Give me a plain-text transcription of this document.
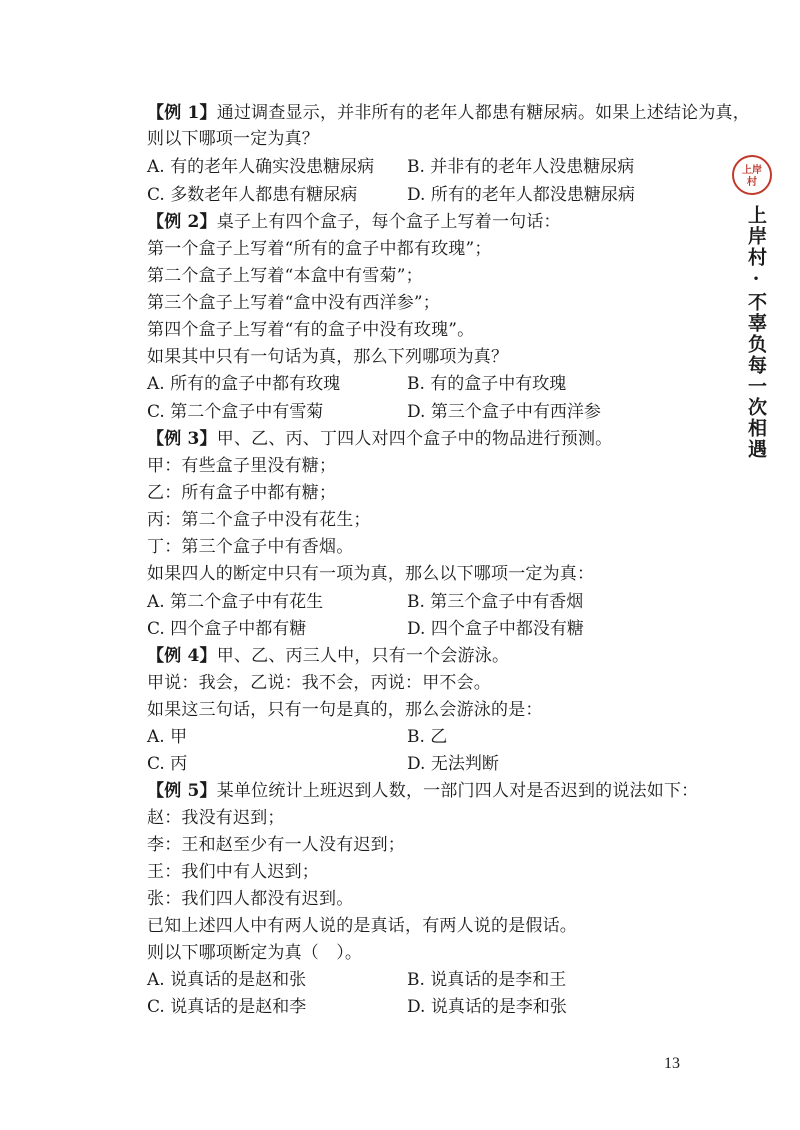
上岸
村
上岸村·不辜负每一次相遇
【例 1】通过调查显示，并非所有的老年人都患有糖尿病。如果上述结论为真，
则以下哪项一定为真？
A. 有的老年人确实没患糖尿病 B. 并非有的老年人没患糖尿病
C. 多数老年人都患有糖尿病	D. 所有的老年人都没患糖尿病
【例 2】桌子上有四个盒子，每个盒子上写着一句话：
第一个盒子上写着“所有的盒子中都有玫瑰”；
第二个盒子上写着“本盒中有雪菊”；
第三个盒子上写着“盒中没有西洋参”；
第四个盒子上写着“有的盒子中没有玫瑰”。
如果其中只有一句话为真，那么下列哪项为真？
A. 所有的盒子中都有玫瑰	B. 有的盒子中有玫瑰
C. 第二个盒子中有雪菊	D. 第三个盒子中有西洋参
【例 3】甲、乙、丙、丁四人对四个盒子中的物品进行预测。
甲：有些盒子里没有糖；
乙：所有盒子中都有糖；
丙：第二个盒子中没有花生；
丁：第三个盒子中有香烟。
如果四人的断定中只有一项为真，那么以下哪项一定为真：
A. 第二个盒子中有花生	B. 第三个盒子中有香烟
C. 四个盒子中都有糖	D. 四个盒子中都没有糖
【例 4】甲、乙、丙三人中，只有一个会游泳。
甲说：我会，乙说：我不会，丙说：甲不会。
如果这三句话，只有一句是真的，那么会游泳的是：
A. 甲	B. 乙
C. 丙	D. 无法判断
【例 5】某单位统计上班迟到人数，一部门四人对是否迟到的说法如下：
赵：我没有迟到；
李：王和赵至少有一人没有迟到；
王：我们中有人迟到；
张：我们四人都没有迟到。
已知上述四人中有两人说的是真话，有两人说的是假话。
则以下哪项断定为真（　）。
A. 说真话的是赵和张	B. 说真话的是李和王
C. 说真话的是赵和李	D. 说真话的是李和张
13
